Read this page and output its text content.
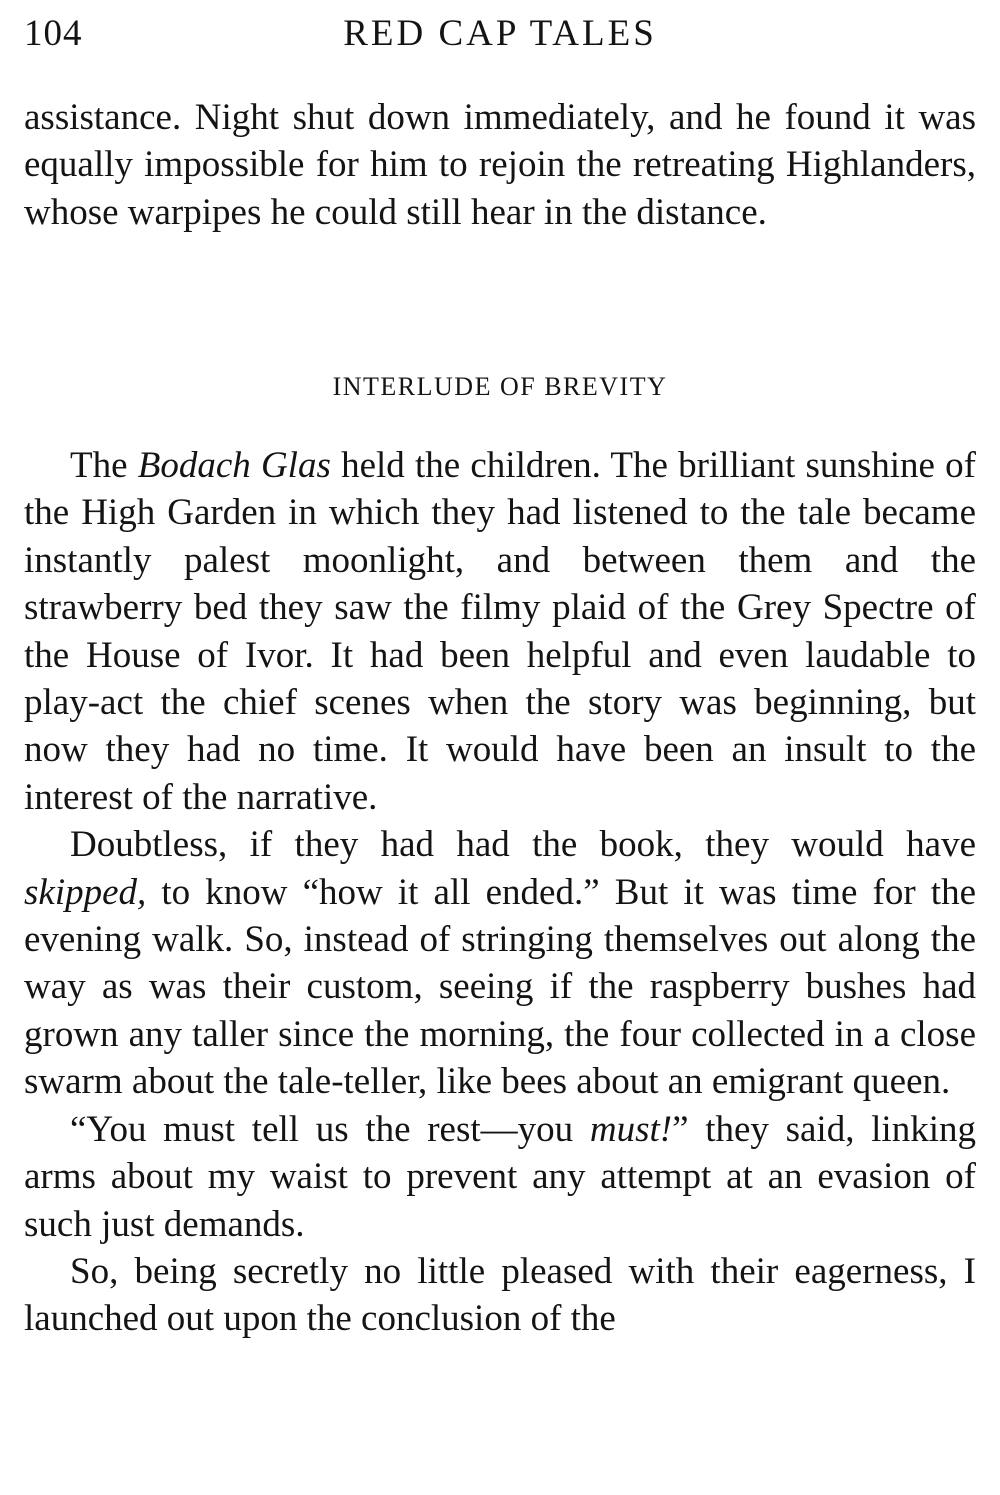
104	RED CAP TALES

assistance. Night shut down immediately, and he found it was equally impossible for him to rejoin the retreating Highlanders, whose warpipes he could still hear in the distance.

INTERLUDE OF BREVITY

The Bodach Glas held the children. The brilliant sunshine of the High Garden in which they had listened to the tale became instantly palest moonlight, and between them and the strawberry bed they saw the filmy plaid of the Grey Spectre of the House of Ivor. It had been helpful and even laudable to play-act the chief scenes when the story was beginning, but now they had no time. It would have been an insult to the interest of the narrative.

Doubtless, if they had had the book, they would have skipped, to know “how it all ended.” But it was time for the evening walk. So, instead of stringing themselves out along the way as was their custom, seeing if the raspberry bushes had grown any taller since the morning, the four collected in a close swarm about the tale-teller, like bees about an emigrant queen.

“You must tell us the rest—you must!” they said, linking arms about my waist to prevent any attempt at an evasion of such just demands.

So, being secretly no little pleased with their eagerness, I launched out upon the conclusion of the
